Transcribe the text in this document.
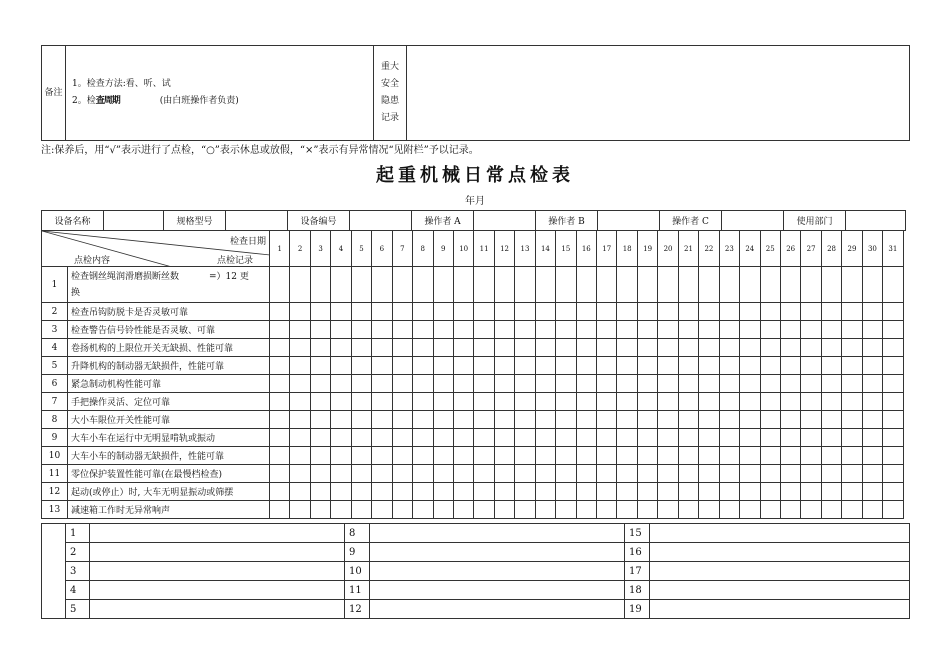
备注	
1。检查方法:看、听、试
2。检查周期	(由白班操作者负责)

重大
安全
隐患
记录

注:保养后，用“√”表示进行了点检，“○”表示休息或放假，“×”表示有异常情况“见附栏”予以记录。
起重机械日常点检表
年月
设备名称		规格型号		设备编号		操作者 A		操作者 B		操作者 C		使用部门	
检查日期
点检记录
点检内容		1	2	3	4	5	6	7	8	9	10	11	12	13	14	15	16	17	18	19	20	21	22	23	24	25	26	27	28	29	30	31
1	检查钢丝绳润滑磨损断丝数 =）12 更
换																															
2	检查吊钩防脱卡是否灵敏可靠																															
3	检查警告信号铃性能是否灵敏、可靠																															
4	卷扬机构的上限位开关无缺损、性能可靠																															
5	升降机构的制动器无缺损件，性能可靠																															
6	紧急制动机构性能可靠																															
7	手把操作灵活、定位可靠																															
8	大小车限位开关性能可靠																															
9	大车小车在运行中无明显啃轨或振动																															
10	大车小车的制动器无缺损件，性能可靠																															
11	零位保护装置性能可靠(在最慢档检查)																															
12	起动(或停止）时, 大车无明显振动或筛摆																															
13	减速箱工作时无异常响声																															
	1		8		15	
	2		9		16	
	3		10		17	
	4		11		18	
	5		12		19	
